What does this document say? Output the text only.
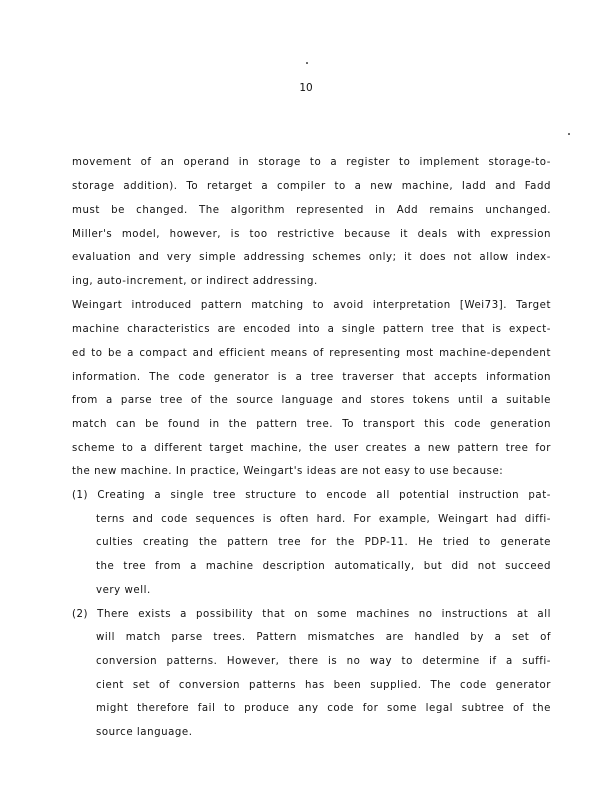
10
movement of an operand in storage to a register to implement storage-to-
storage addition). To retarget a compiler to a new machine, Iadd and Fadd
must be changed. The algorithm represented in Add remains unchanged.
Miller's model, however, is too restrictive because it deals with expression
evaluation and very simple addressing schemes only; it does not allow index-
ing, auto-increment, or indirect addressing.
Weingart introduced pattern matching to avoid interpretation [Wei73]. Target
machine characteristics are encoded into a single pattern tree that is expect-
ed to be a compact and efficient means of representing most machine-dependent
information. The code generator is a tree traverser that accepts information
from a parse tree of the source language and stores tokens until a suitable
match can be found in the pattern tree. To transport this code generation
scheme to a different target machine, the user creates a new pattern tree for
the new machine. In practice, Weingart's ideas are not easy to use because:
(1) Creating a single tree structure to encode all potential instruction pat-
terns and code sequences is often hard. For example, Weingart had diffi-
culties creating the pattern tree for the PDP-11. He tried to generate
the tree from a machine description automatically, but did not succeed
very well.
(2) There exists a possibility that on some machines no instructions at all
will match parse trees. Pattern mismatches are handled by a set of
conversion patterns. However, there is no way to determine if a suffi-
cient set of conversion patterns has been supplied. The code generator
might therefore fail to produce any code for some legal subtree of the
source language.
